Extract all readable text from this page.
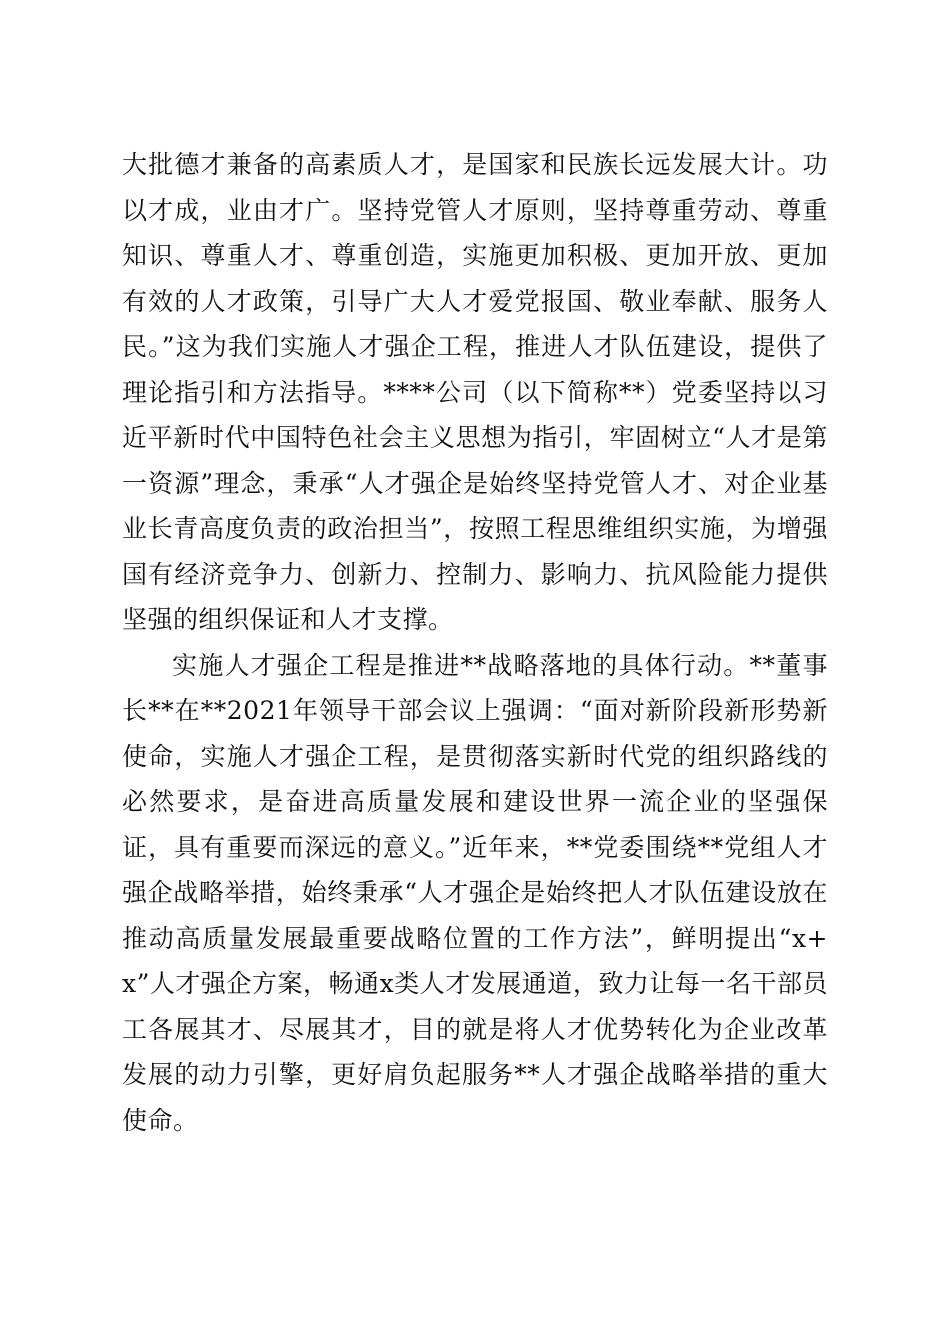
大批德才兼备的高素质人才，是国家和民族长远发展大计。功以才成，业由才广。坚持党管人才原则，坚持尊重劳动、尊重知识、尊重人才、尊重创造，实施更加积极、更加开放、更加有效的人才政策，引导广大人才爱党报国、敬业奉献、服务人民。”这为我们实施人才强企工程，推进人才队伍建设，提供了理论指引和方法指导。****公司（以下简称**）党委坚持以习近平新时代中国特色社会主义思想为指引，牢固树立“人才是第一资源”理念，秉承“人才强企是始终坚持党管人才、对企业基业长青高度负责的政治担当”，按照工程思维组织实施，为增强国有经济竞争力、创新力、控制力、影响力、抗风险能力提供坚强的组织保证和人才支撑。

实施人才强企工程是推进**战略落地的具体行动。**董事长**在**2021年领导干部会议上强调：“面对新阶段新形势新使命，实施人才强企工程，是贯彻落实新时代党的组织路线的必然要求，是奋进高质量发展和建设世界一流企业的坚强保证，具有重要而深远的意义。”近年来，**党委围绕**党组人才强企战略举措，始终秉承“人才强企是始终把人才队伍建设放在推动高质量发展最重要战略位置的工作方法”，鲜明提出“x+x”人才强企方案，畅通x类人才发展通道，致力让每一名干部员工各展其才、尽展其才，目的就是将人才优势转化为企业改革发展的动力引擎，更好肩负起服务**人才强企战略举措的重大使命。
